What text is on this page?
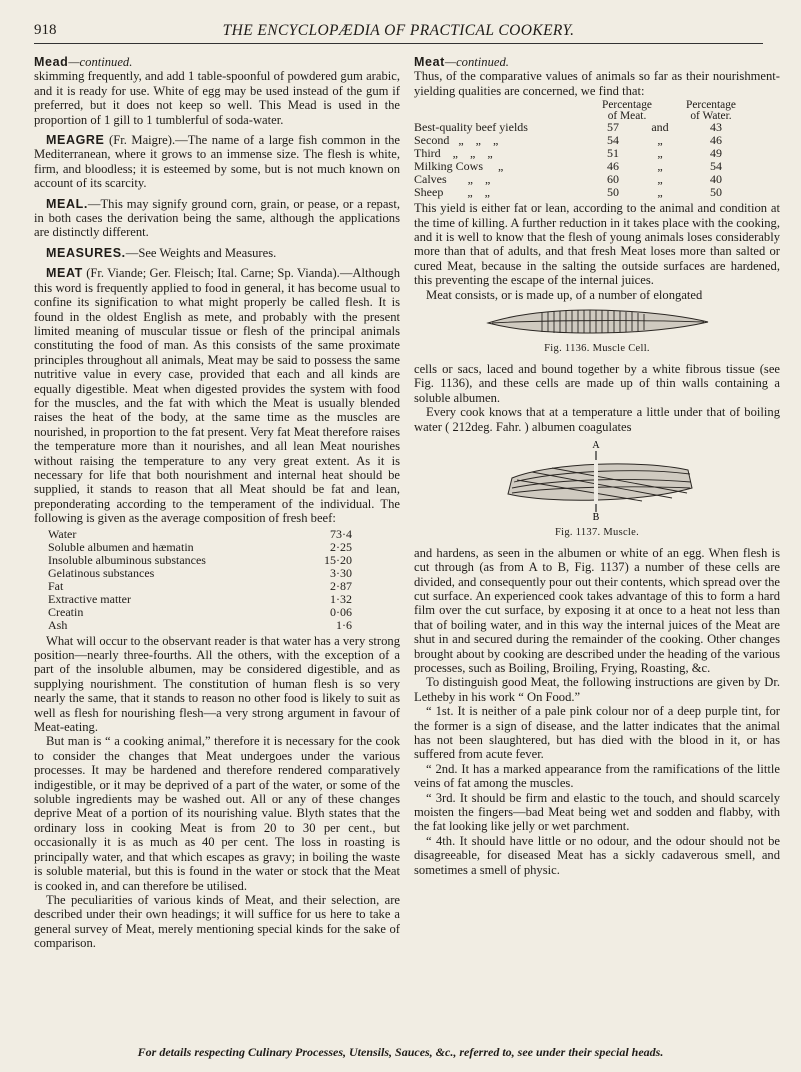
918	THE ENCYCLOPÆDIA OF PRACTICAL COOKERY.

Mead—continued.

skimming frequently, and add 1 table-spoonful of powdered gum arabic, and it is ready for use. White of egg may be used instead of the gum if preferred, but it does not keep so well. This Mead is used in the proportion of 1 gill to 1 tumblerful of soda-water.

MEAGRE (Fr. Maigre).—The name of a large fish common in the Mediterranean, where it grows to an immense size. The flesh is white, firm, and bloodless; it is esteemed by some, but is not much known on account of its scarcity.

MEAL.—This may signify ground corn, grain, or pease, or a repast, in both cases the derivation being the same, although the applications are distinctly different.

MEASURES.—See Weights and Measures.

MEAT (Fr. Viande; Ger. Fleisch; Ital. Carne; Sp. Vianda).—Although this word is frequently applied to food in general, it has become usual to confine its signification to what might properly be called flesh. It is found in the oldest English as mete, and probably with the present limited meaning of muscular tissue or flesh of the principal animals constituting the food of man. As this consists of the same proximate principles throughout all animals, Meat may be said to possess the same nutritive value in every case, provided that each and all kinds are equally digestible. Meat when digested provides the system with food for the muscles, and the fat with which the Meat is usually blended raises the heat of the body, at the same time as the muscles are nourished, in proportion to the fat present. Very fat Meat therefore raises the temperature more than it nourishes, and all lean Meat nourishes without raising the temperature to any very great extent. As it is necessary for life that both nourishment and internal heat should be supplied, it stands to reason that all Meat should be fat and lean, preponderating according to the temperament of the individual. The following is given as the average composition of fresh beef:

Water	73·4
Soluble albumen and hæmatin	2·25
Insoluble albuminous substances	15·20
Gelatinous substances	3·30
Fat	2·87
Extractive matter	1·32
Creatin	0·06
Ash	1·6

What will occur to the observant reader is that water has a very strong position—nearly three-fourths. All the others, with the exception of a part of the insoluble albumen, may be considered digestible, and as supplying nourishment. The constitution of human flesh is so very nearly the same, that it stands to reason no other food is likely to suit as well as flesh for nourishing flesh—a very strong argument in favour of Meat-eating.

But man is “ a cooking animal,” therefore it is necessary for the cook to consider the changes that Meat undergoes under the various processes. It may be hardened and therefore rendered comparatively indigestible, or it may be deprived of a part of the water, or some of the soluble ingredients may be washed out. All or any of these changes deprive Meat of a portion of its nourishing value. Blyth states that the ordinary loss in cooking Meat is from 20 to 30 per cent., but occasionally it is as much as 40 per cent. The loss in roasting is principally water, and that which escapes as gravy; in boiling the waste is soluble material, but this is found in the water or stock that the Meat is cooked in, and can therefore be utilised.

The peculiarities of various kinds of Meat, and their selection, are described under their own headings; it will suffice for us here to take a general survey of Meat, merely mentioning special kinds for the sake of comparison.

Meat—continued.

Thus, of the comparative values of animals so far as their nourishment-yielding qualities are concerned, we find that:

Percentage	Percentage
of Meat.	of Water.
Best-quality beef yields	57	and	43
Second   „    „    „	54	„	46
Third    „    „    „	51	„	49
Milking Cows     „	46	„	54
Calves       „    „	60	„	40
Sheep        „    „	50	„	50

This yield is either fat or lean, according to the animal and condition at the time of killing. A further reduction in it takes place with the cooking, and it is well to know that the flesh of young animals loses considerably more than that of adults, and that fresh Meat loses more than salted or cured Meat, because in the salting the outside surfaces are hardened, this preventing the escape of the internal juices.

Meat consists, or is made up, of a number of elongated

Fig. 1136. Muscle Cell.

cells or sacs, laced and bound together by a white fibrous tissue (see Fig. 1136), and these cells are made up of thin walls containing a soluble albumen.

Every cook knows that at a temperature a little under that of boiling water ( 212deg. Fahr. ) albumen coagulates

A
B
Fig. 1137. Muscle.

and hardens, as seen in the albumen or white of an egg. When flesh is cut through (as from A to B, Fig. 1137) a number of these cells are divided, and consequently pour out their contents, which spread over the cut surface. An experienced cook takes advantage of this to form a hard film over the cut surface, by exposing it at once to a heat not less than that of boiling water, and in this way the internal juices of the Meat are shut in and secured during the remainder of the cooking. Other changes brought about by cooking are described under the heading of the various processes, such as Boiling, Broiling, Frying, Roasting, &c.

To distinguish good Meat, the following instructions are given by Dr. Letheby in his work “ On Food.”

“ 1st. It is neither of a pale pink colour nor of a deep purple tint, for the former is a sign of disease, and the latter indicates that the animal has not been slaughtered, but has died with the blood in it, or has suffered from acute fever.

“ 2nd. It has a marked appearance from the ramifications of the little veins of fat among the muscles.

“ 3rd. It should be firm and elastic to the touch, and should scarcely moisten the fingers—bad Meat being wet and sodden and flabby, with the fat looking like jelly or wet parchment.

“ 4th. It should have little or no odour, and the odour should not be disagreeable, for diseased Meat has a sickly cadaverous smell, and sometimes a smell of physic.

For details respecting Culinary Processes, Utensils, Sauces, &c., referred to, see under their special heads.
